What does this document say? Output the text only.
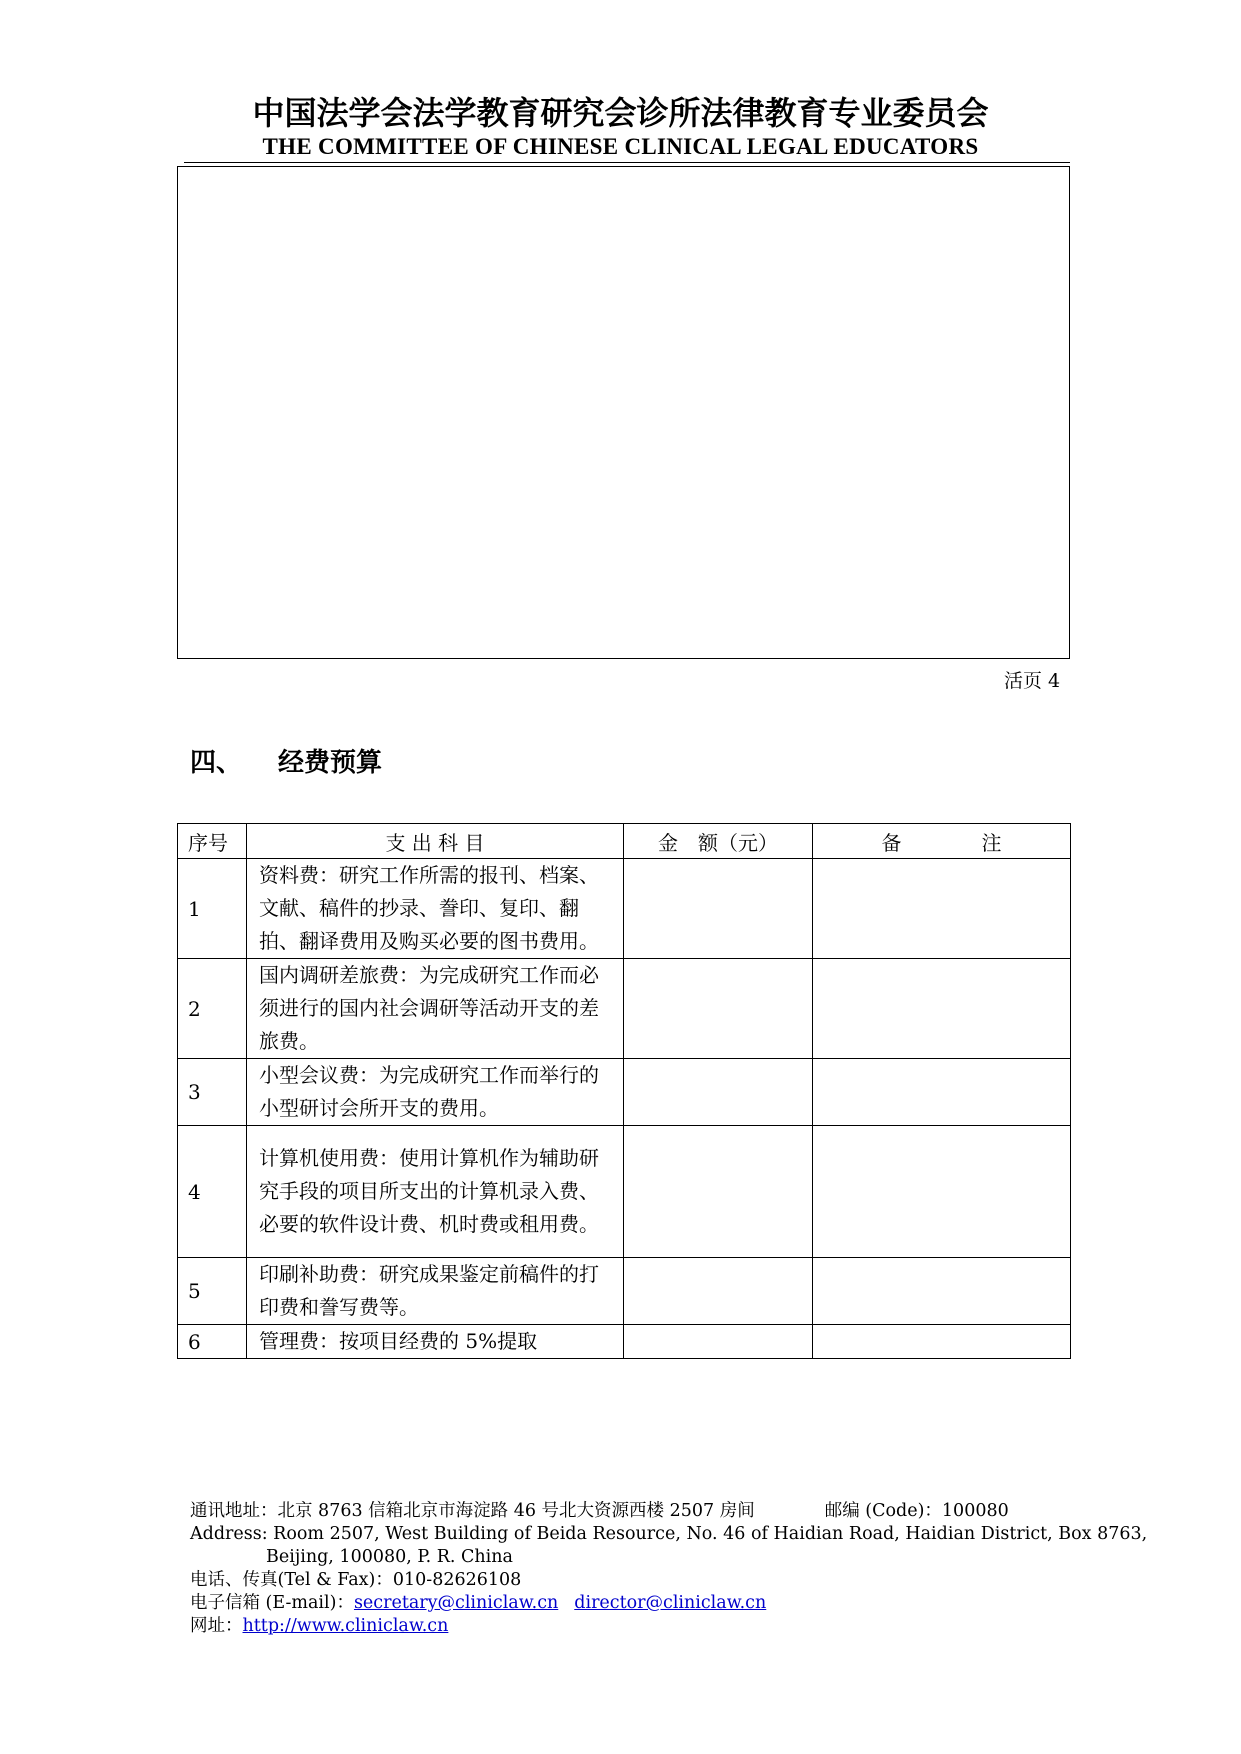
中国法学会法学教育研究会诊所法律教育专业委员会
THE COMMITTEE OF CHINESE CLINICAL LEGAL EDUCATORS
活页 4
四、 经费预算
序号	支 出 科 目	金　额（元）	备　　　　注
1	资料费：研究工作所需的报刊、档案、文献、稿件的抄录、誊印、复印、翻拍、翻译费用及购买必要的图书费用。		
2	国内调研差旅费：为完成研究工作而必须进行的国内社会调研等活动开支的差旅费。		
3	小型会议费：为完成研究工作而举行的小型研讨会所开支的费用。		
4	计算机使用费：使用计算机作为辅助研究手段的项目所支出的计算机录入费、必要的软件设计费、机时费或租用费。		
5	印刷补助费：研究成果鉴定前稿件的打印费和誊写费等。		
6	管理费：按项目经费的 5%提取		
通讯地址：北京 8763 信箱北京市海淀路 46 号北大资源西楼 2507 房间	邮编 (Code)：100080
Address: Room 2507, West Building of Beida Resource, No. 46 of Haidian Road, Haidian District, Box 8763,
Beijing, 100080, P. R. China
电话、传真(Tel & Fax)：010-82626108
电子信箱 (E-mail)：secretary@cliniclaw.cn director@cliniclaw.cn
网址：http://www.cliniclaw.cn
